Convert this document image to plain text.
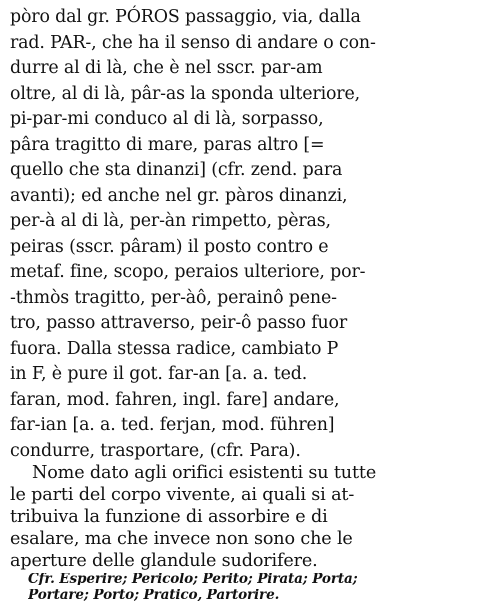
pòro dal gr. PÓROS passaggio, via, dalla
rad. PAR-, che ha il senso di andare o con-
durre al di là, che è nel sscr. par-am
oltre, al di là, pâr-as la sponda ulteriore,
pi-par-mi conduco al di là, sorpasso,
pâra tragitto di mare, paras altro [=
quello che sta dinanzi] (cfr. zend. para
avanti); ed anche nel gr. pàros dinanzi,
per-à al di là, per-àn rimpetto, pèras,
peiras (sscr. pâram) il posto contro e
metaf. fine, scopo, peraios ulteriore, por-
-thmòs tragitto, per-àô, perainô pene-
tro, passo attraverso, peir-ô passo fuor
fuora. Dalla stessa radice, cambiato P
in F, è pure il got. far-an [a. a. ted.
faran, mod. fahren, ingl. fare] andare,
far-ian [a. a. ted. ferjan, mod. führen]
condurre, trasportare, (cfr. Para).
Nome dato agli orifici esistenti su tutte
le parti del corpo vivente, ai quali si at-
tribuiva la funzione di assorbire e di
esalare, ma che invece non sono che le
aperture delle glandule sudorifere.
Cfr. Esperire; Pericolo; Perito; Pirata; Porta;
Portare; Porto; Pratico, Partorire.
